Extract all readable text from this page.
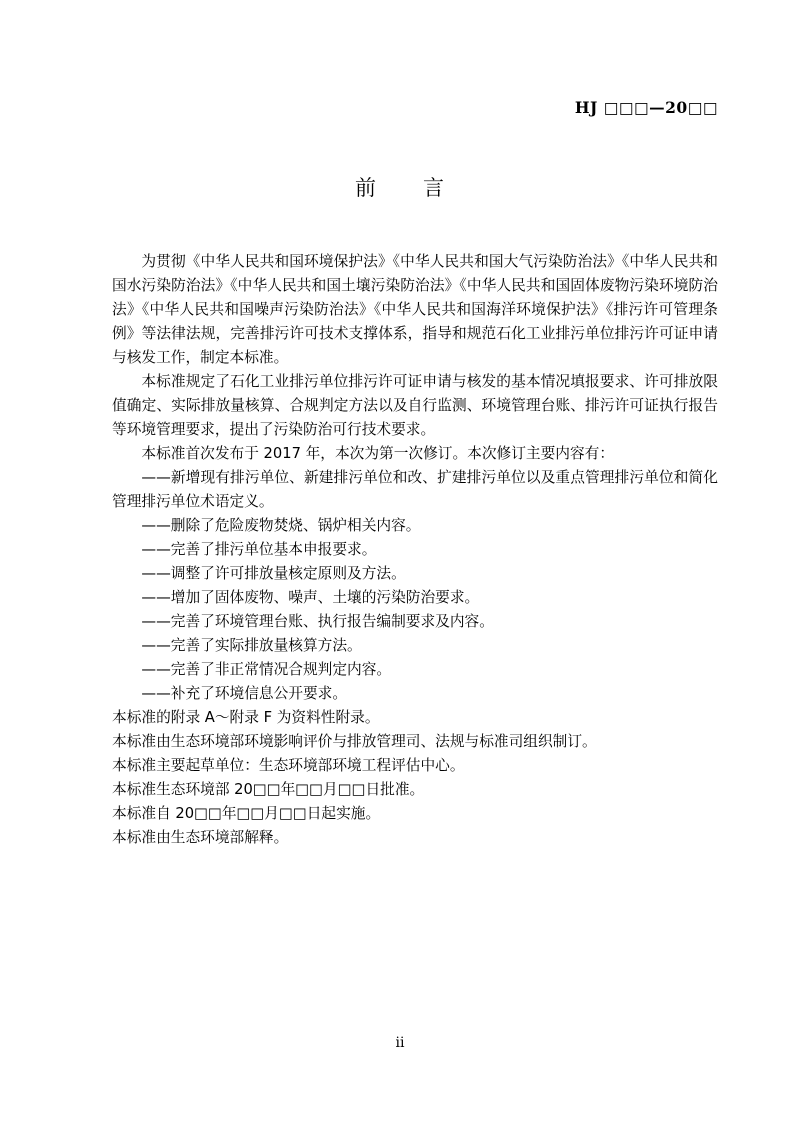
HJ □□□—20□□
前      言

为贯彻《中华人民共和国环境保护法》《中华人民共和国大气污染防治法》《中华人民共和国水污染防治法》《中华人民共和国土壤污染防治法》《中华人民共和国固体废物污染环境防治法》《中华人民共和国噪声污染防治法》《中华人民共和国海洋环境保护法》《排污许可管理条例》等法律法规，完善排污许可技术支撑体系，指导和规范石化工业排污单位排污许可证申请与核发工作，制定本标准。

本标准规定了石化工业排污单位排污许可证申请与核发的基本情况填报要求、许可排放限值确定、实际排放量核算、合规判定方法以及自行监测、环境管理台账、排污许可证执行报告等环境管理要求，提出了污染防治可行技术要求。

本标准首次发布于 2017 年，本次为第一次修订。本次修订主要内容有：

——新增现有排污单位、新建排污单位和改、扩建排污单位以及重点管理排污单位和简化管理排污单位术语定义。

——删除了危险废物焚烧、锅炉相关内容。

——完善了排污单位基本申报要求。

——调整了许可排放量核定原则及方法。

——增加了固体废物、噪声、土壤的污染防治要求。

——完善了环境管理台账、执行报告编制要求及内容。

——完善了实际排放量核算方法。

——完善了非正常情况合规判定内容。

——补充了环境信息公开要求。

本标准的附录 A～附录 F 为资料性附录。

本标准由生态环境部环境影响评价与排放管理司、法规与标准司组织制订。

本标准主要起草单位：生态环境部环境工程评估中心。

本标准生态环境部 20□□年□□月□□日批准。

本标准自 20□□年□□月□□日起实施。

本标准由生态环境部解释。

ii
